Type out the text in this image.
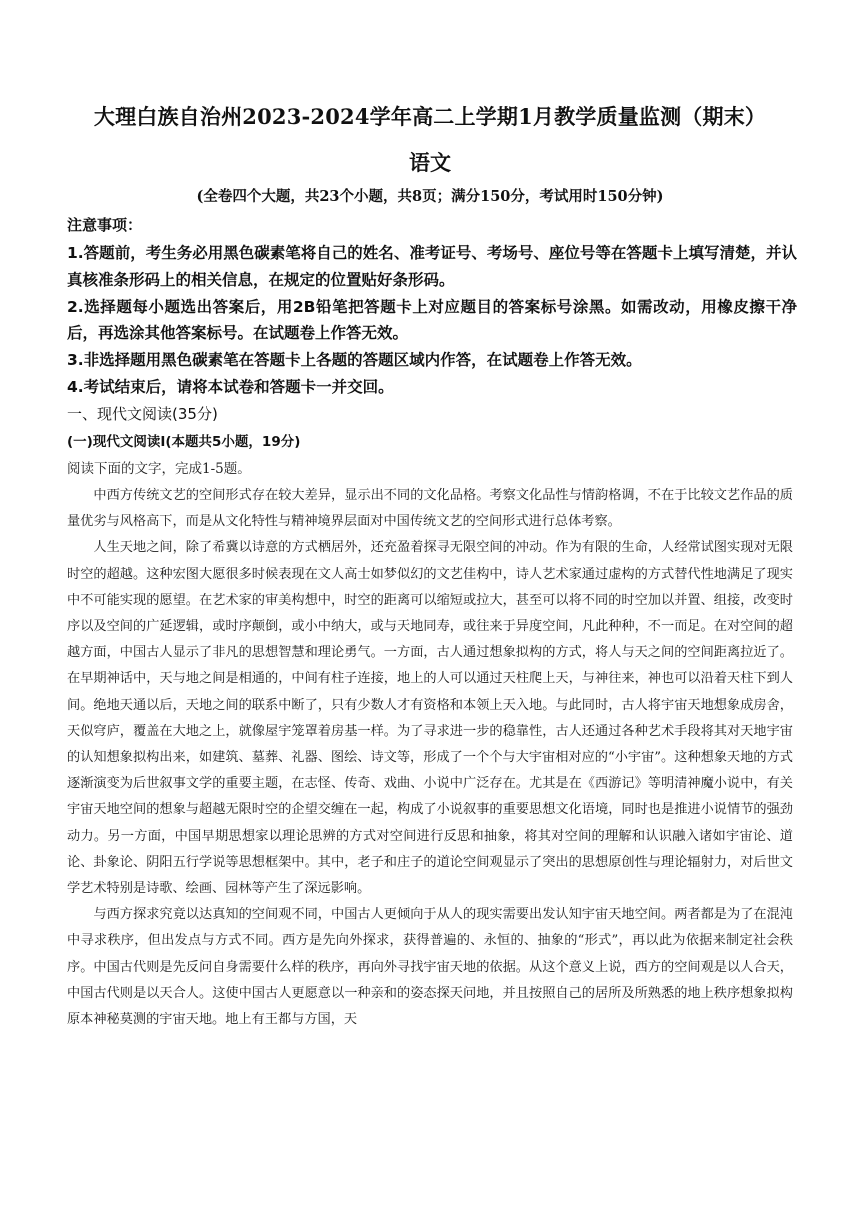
大理白族自治州2023-2024学年高二上学期1月教学质量监测（期末）
语文
(全卷四个大题，共23个小题，共8页；满分150分，考试用时150分钟)
注意事项：

1.答题前，考生务必用黑色碳素笔将自己的姓名、准考证号、考场号、座位号等在答题卡上填写清楚，并认真核准条形码上的相关信息，在规定的位置贴好条形码。

2.选择题每小题选出答案后，用2B铅笔把答题卡上对应题目的答案标号涂黑。如需改动，用橡皮擦干净后，再选涂其他答案标号。在试题卷上作答无效。

3.非选择题用黑色碳素笔在答题卡上各题的答题区域内作答，在试题卷上作答无效。

4.考试结束后，请将本试卷和答题卡一并交回。

一、现代文阅读(35分)
(一)现代文阅读Ⅰ(本题共5小题，19分)
阅读下面的文字，完成1-5题。

中西方传统文艺的空间形式存在较大差异，显示出不同的文化品格。考察文化品性与情韵格调，不在于比较文艺作品的质量优劣与风格高下，而是从文化特性与精神境界层面对中国传统文艺的空间形式进行总体考察。

人生天地之间，除了希冀以诗意的方式栖居外，还充盈着探寻无限空间的冲动。作为有限的生命，人经常试图实现对无限时空的超越。这种宏图大愿很多时候表现在文人高士如梦似幻的文艺佳构中，诗人艺术家通过虚构的方式替代性地满足了现实中不可能实现的愿望。在艺术家的审美构想中，时空的距离可以缩短或拉大，甚至可以将不同的时空加以并置、组接，改变时序以及空间的广延逻辑，或时序颠倒，或小中纳大，或与天地同寿，或往来于异度空间，凡此种种，不一而足。在对空间的超越方面，中国古人显示了非凡的思想智慧和理论勇气。一方面，古人通过想象拟构的方式，将人与天之间的空间距离拉近了。在早期神话中，天与地之间是相通的，中间有柱子连接，地上的人可以通过天柱爬上天，与神往来，神也可以沿着天柱下到人间。绝地天通以后，天地之间的联系中断了，只有少数人才有资格和本领上天入地。与此同时，古人将宇宙天地想象成房舍，天似穹庐，覆盖在大地之上，就像屋宇笼罩着房基一样。为了寻求进一步的稳靠性，古人还通过各种艺术手段将其对天地宇宙的认知想象拟构出来，如建筑、墓葬、礼器、图绘、诗文等，形成了一个个与大宇宙相对应的“小宇宙”。这种想象天地的方式逐渐演变为后世叙事文学的重要主题，在志怪、传奇、戏曲、小说中广泛存在。尤其是在《西游记》等明清神魔小说中，有关宇宙天地空间的想象与超越无限时空的企望交缠在一起，构成了小说叙事的重要思想文化语境，同时也是推进小说情节的强劲动力。另一方面，中国早期思想家以理论思辨的方式对空间进行反思和抽象，将其对空间的理解和认识融入诸如宇宙论、道论、卦象论、阴阳五行学说等思想框架中。其中，老子和庄子的道论空间观显示了突出的思想原创性与理论辐射力，对后世文学艺术特别是诗歌、绘画、园林等产生了深远影响。

与西方探求究竟以达真知的空间观不同，中国古人更倾向于从人的现实需要出发认知宇宙天地空间。两者都是为了在混沌中寻求秩序，但出发点与方式不同。西方是先向外探求，获得普遍的、永恒的、抽象的“形式”，再以此为依据来制定社会秩序。中国古代则是先反问自身需要什么样的秩序，再向外寻找宇宙天地的依据。从这个意义上说，西方的空间观是以人合天，中国古代则是以天合人。这使中国古人更愿意以一种亲和的姿态探天问地，并且按照自己的居所及所熟悉的地上秩序想象拟构原本神秘莫测的宇宙天地。地上有王都与方国，天
